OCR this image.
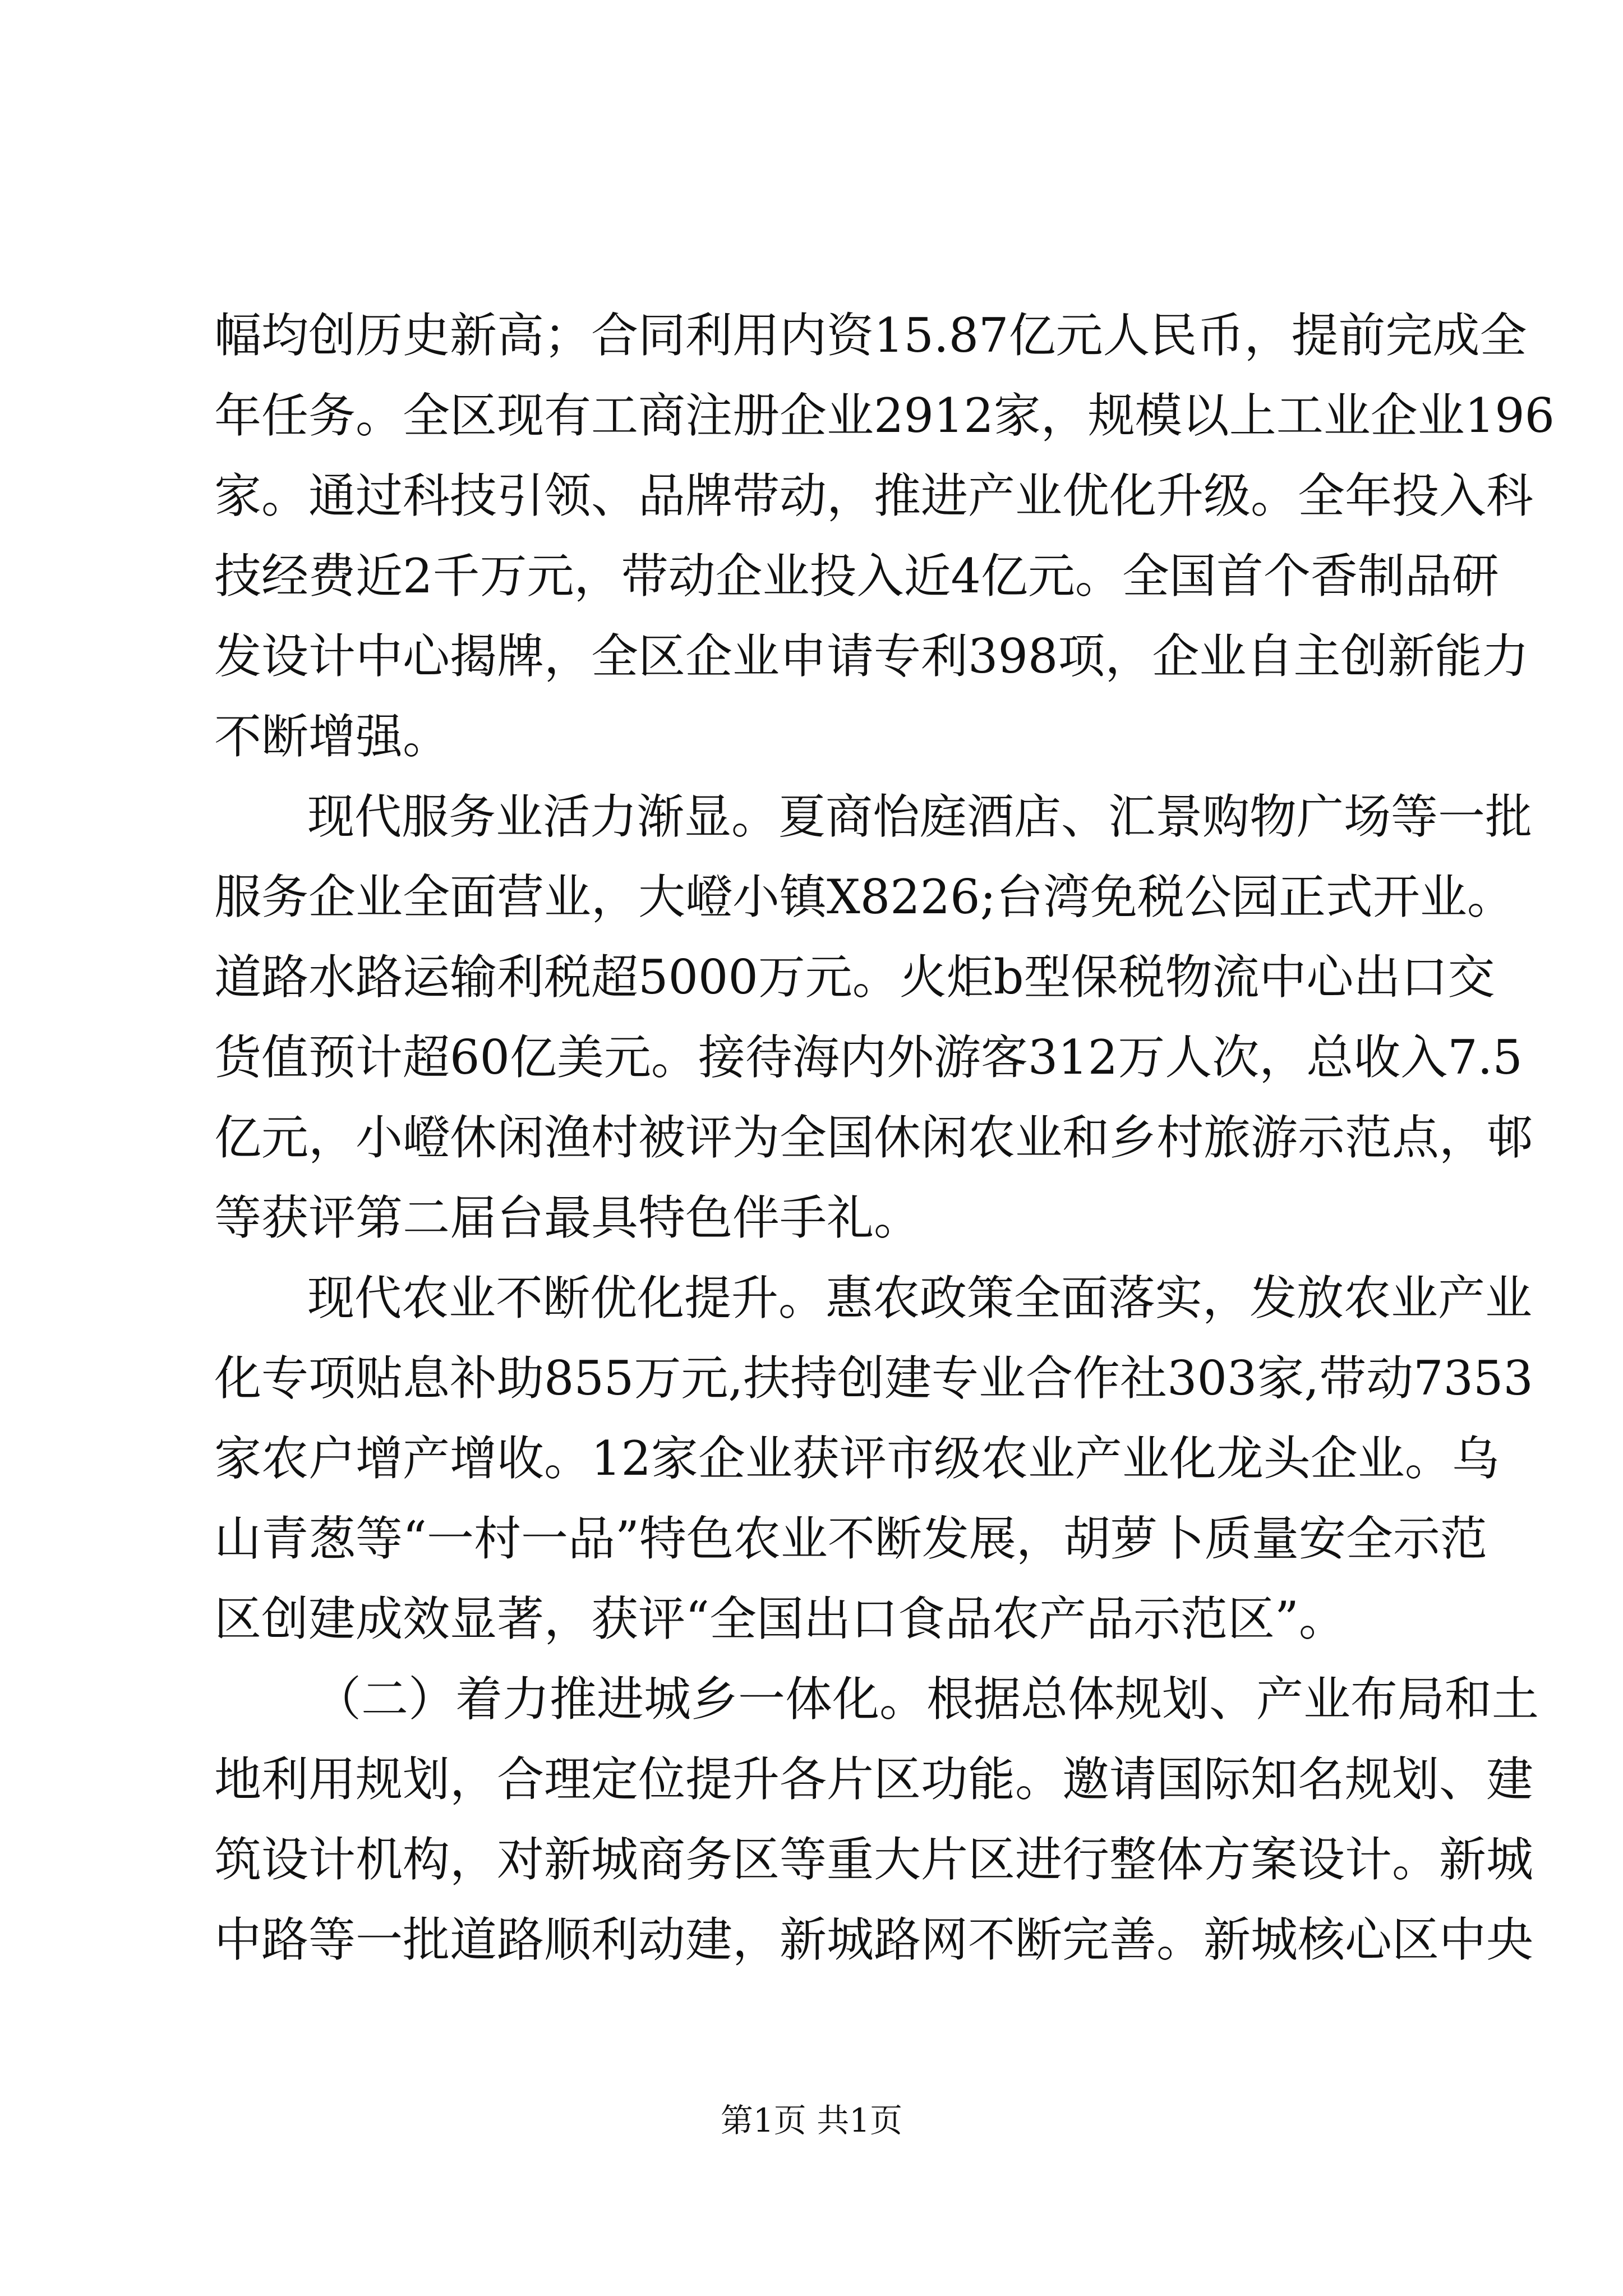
幅均创历史新高；合同利用内资15.87亿元人民币，提前完成全
年任务。全区现有工商注册企业2912家，规模以上工业企业196
家。通过科技引领、品牌带动，推进产业优化升级。全年投入科
技经费近2千万元，带动企业投入近4亿元。全国首个香制品研
发设计中心揭牌，全区企业申请专利398项，企业自主创新能力
不断增强。
现代服务业活力渐显。夏商怡庭酒店、汇景购物广场等一批
服务企业全面营业，大嶝小镇X8226;台湾免税公园正式开业。
道路水路运输利税超5000万元。火炬b型保税物流中心出口交
货值预计超60亿美元。接待海内外游客312万人次，总收入7.5
亿元，小嶝休闲渔村被评为全国休闲农业和乡村旅游示范点，邨
等获评第二届台最具特色伴手礼。
现代农业不断优化提升。惠农政策全面落实，发放农业产业
化专项贴息补助855万元,扶持创建专业合作社303家,带动7353
家农户增产增收。12家企业获评市级农业产业化龙头企业。乌
山青葱等“一村一品”特色农业不断发展，胡萝卜质量安全示范
区创建成效显著，获评“全国出口食品农产品示范区”。
（二）着力推进城乡一体化。根据总体规划、产业布局和土
地利用规划，合理定位提升各片区功能。邀请国际知名规划、建
筑设计机构，对新城商务区等重大片区进行整体方案设计。新城
中路等一批道路顺利动建，新城路网不断完善。新城核心区中央
第1页 共1页
